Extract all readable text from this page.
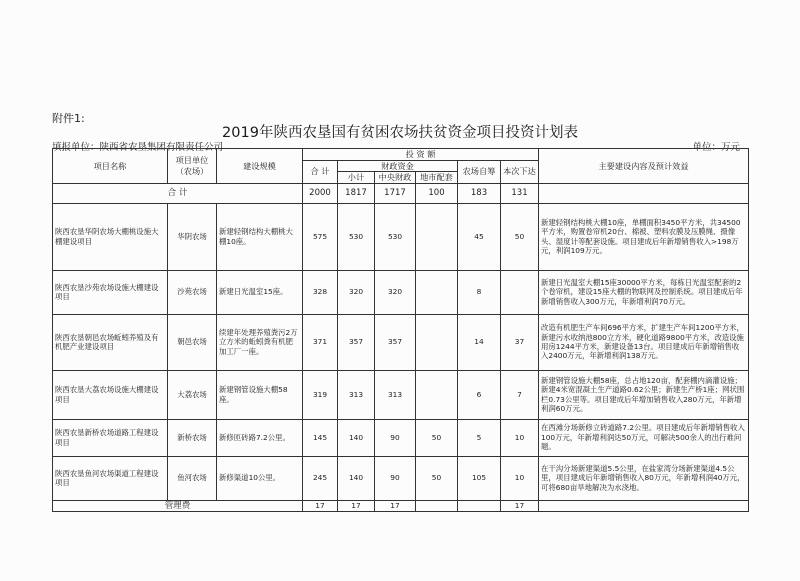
附件1:
2019年陕西农垦国有贫困农场扶贫资金项目投资计划表
填报单位：陕西省农垦集团有限责任公司	单位：万元
项目名称	项目单位（农场）	建设规模	投 资 额						主要建设内容及预计效益
			合 计	财政资金			农场自筹	本次下达	
				小计	中央财政	地市配套			
合 计			2000	1817	1717	100	183	131	
陕西农垦华阴农场大棚桃设施大棚建设项目	华阴农场	新建轻钢结构大棚桃大棚10座。	575	530	530		45	50	新建轻钢结构桃大棚10座，单棚面积3450平方米，共34500平方米，购置卷帘机20台、棉被、塑料农膜及压膜绳、摄像头、湿度计等配套设施。项目建成后年新增销售收入>198万元，利润109万元。
陕西农垦沙苑农场设施大棚建设项目	沙苑农场	新建日光温室15座。	328	320	320		8		新建日光温室大棚15座30000平方米，每栋日光温室配套的2个卷帘机，建设15座大棚的物联网及控制系统。项目建成后年新增销售收入300万元，年新增利润70万元。
陕西农垦朝邑农场蚯蚓养殖及有机肥产业建设项目	朝邑农场	续建年处理养殖粪污2万立方米的蚯蚓粪有机肥加工厂一座。	371	357	357		14	37	改造有机肥生产车间696平方米，扩建生产车间1200平方米，新建污水收纳池800立方米，硬化道路9800平方米，改造设施用房1244平方米，新建设备13台。项目建成后年新增销售收入2400万元，年新增利润138万元。
陕西农垦大荔农场设施大棚建设项目	大荔农场	新建钢管设施大棚58座。	319	313	313		6	7	新建钢管设施大棚58座，总占地120亩，配套棚内滴灌设施；新建4米宽混凝土生产道路0.62公里；新建生产桥1座；网状围栏0.73公里等。项目建成后年增加销售收入280万元，年新增利润60万元。
陕西农垦新桥农场道路工程建设项目	新桥农场	新修匝砖路7.2公里。	145	140	90	50	5	10	在西滩分场新修立砖道路7.2公里。项目建成后年新增销售收入100万元，年新增利润达50万元，可解决500余人的出行难问题。
陕西农垦鱼河农场渠道工程建设项目	鱼河农场	新修渠道10公里。	245	140	90	50	105	10	在干沟分场新建渠道5.5公里，在盐家湾分场新建渠道4.5公里，项目建成后年新增销售收入80万元，年新增利润40万元，可将680亩旱地解决为水浇地。
管理费			17	17	17			17	
